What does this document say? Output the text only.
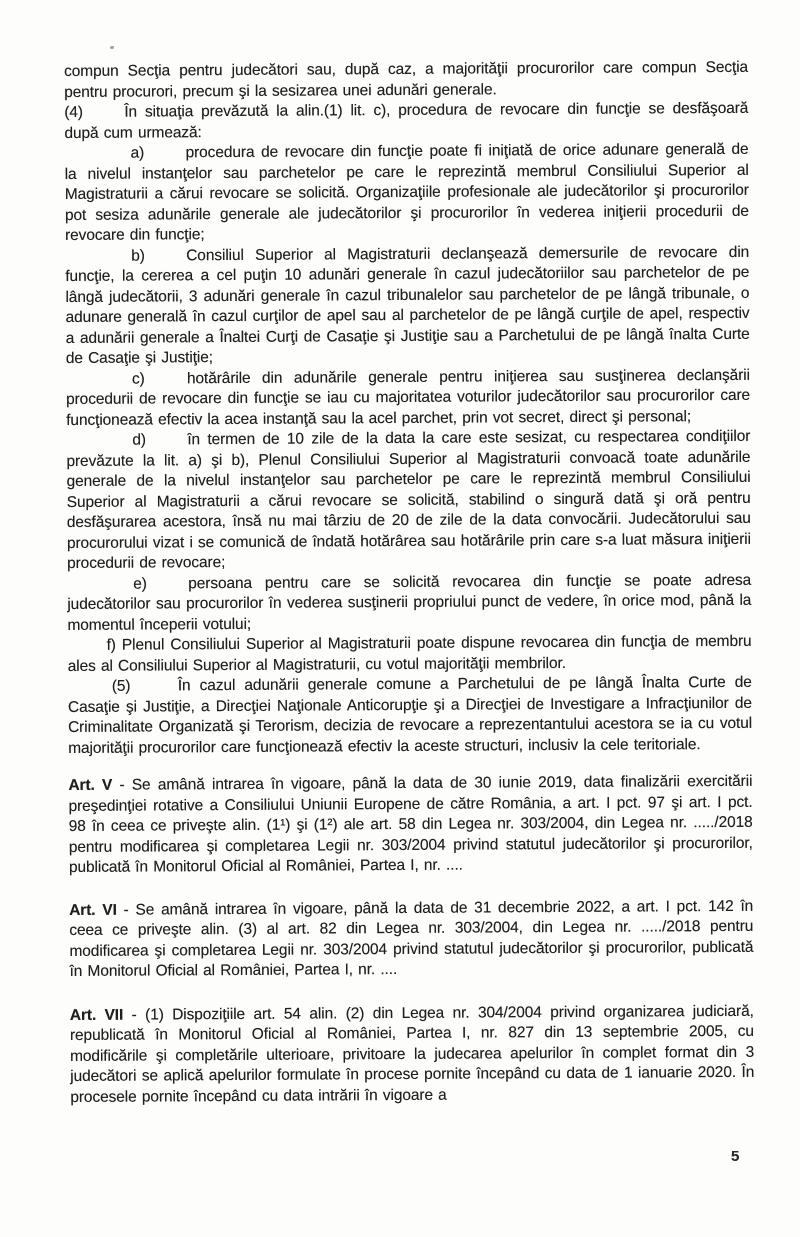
compun Secţia pentru judecători sau, după caz, a majorităţii procurorilor care compun Secţia pentru procurori, precum şi la sesizarea unei adunări generale.

(4)	În situaţia prevăzută la alin.(1) lit. c), procedura de revocare din funcţie se desfăşoară după cum urmează:

a)	procedura de revocare din funcţie poate fi iniţiată de orice adunare generală de la nivelul instanţelor sau parchetelor pe care le reprezintă membrul Consiliului Superior al Magistraturii a cărui revocare se solicită. Organizaţiile profesionale ale judecătorilor şi procurorilor pot sesiza adunările generale ale judecătorilor şi procurorilor în vederea iniţierii procedurii de revocare din funcţie;

b)	Consiliul Superior al Magistraturii declanşează demersurile de revocare din funcţie, la cererea a cel puţin 10 adunări generale în cazul judecătoriilor sau parchetelor de pe lângă judecătorii, 3 adunări generale în cazul tribunalelor sau parchetelor de pe lângă tribunale, o adunare generală în cazul curţilor de apel sau al parchetelor de pe lângă curţile de apel, respectiv a adunării generale a Înaltei Curţi de Casaţie şi Justiţie sau a Parchetului de pe lângă înalta Curte de Casaţie şi Justiţie;

c)	hotărârile din adunările generale pentru iniţierea sau susţinerea declanşării procedurii de revocare din funcţie se iau cu majoritatea voturilor judecătorilor sau procurorilor care funcţionează efectiv la acea instanţă sau la acel parchet, prin vot secret, direct şi personal;

d)	în termen de 10 zile de la data la care este sesizat, cu respectarea condiţiilor prevăzute la lit. a) şi b), Plenul Consiliului Superior al Magistraturii convoacă toate adunările generale de la nivelul instanţelor sau parchetelor pe care le reprezintă membrul Consiliului Superior al Magistraturii a cărui revocare se solicită, stabilind o singură dată şi oră pentru desfăşurarea acestora, însă nu mai târziu de 20 de zile de la data convocării. Judecătorului sau procurorului vizat i se comunică de îndată hotărârea sau hotărârile prin care s-a luat măsura iniţierii procedurii de revocare;

e)	persoana pentru care se solicită revocarea din funcţie se poate adresa judecătorilor sau procurorilor în vederea susţinerii propriului punct de vedere, în orice mod, până la momentul începerii votului;

f) Plenul Consiliului Superior al Magistraturii poate dispune revocarea din funcţia de membru ales al Consiliului Superior al Magistraturii, cu votul majorităţii membrilor.

(5)	În cazul adunării generale comune a Parchetului de pe lângă Înalta Curte de Casaţie şi Justiţie, a Direcţiei Naţionale Anticorupţie şi a Direcţiei de Investigare a Infracţiunilor de Criminalitate Organizată şi Terorism, decizia de revocare a reprezentantului acestora se ia cu votul majorităţii procurorilor care funcţionează efectiv la aceste structuri, inclusiv la cele teritoriale.

Art. V - Se amână intrarea în vigoare, până la data de 30 iunie 2019, data finalizării exercitării preşedinţiei rotative a Consiliului Uniunii Europene de către România, a art. I pct. 97 şi art. I pct. 98 în ceea ce priveşte alin. (1¹) şi (1²) ale art. 58 din Legea nr. 303/2004, din Legea nr. ...../2018 pentru modificarea şi completarea Legii nr. 303/2004 privind statutul judecătorilor şi procurorilor, publicată în Monitorul Oficial al României, Partea I, nr. ....

Art. VI - Se amână intrarea în vigoare, până la data de 31 decembrie 2022, a art. I pct. 142 în ceea ce priveşte alin. (3) al art. 82 din Legea nr. 303/2004, din Legea nr. ...../2018 pentru modificarea şi completarea Legii nr. 303/2004 privind statutul judecătorilor şi procurorilor, publicată în Monitorul Oficial al României, Partea I, nr. ....

Art. VII - (1) Dispoziţiile art. 54 alin. (2) din Legea nr. 304/2004 privind organizarea judiciară, republicată în Monitorul Oficial al României, Partea I, nr. 827 din 13 septembrie 2005, cu modificările şi completările ulterioare, privitoare la judecarea apelurilor în complet format din 3 judecători se aplică apelurilor formulate în procese pornite începând cu data de 1 ianuarie 2020. În procesele pornite începând cu data intrării în vigoare a

5
